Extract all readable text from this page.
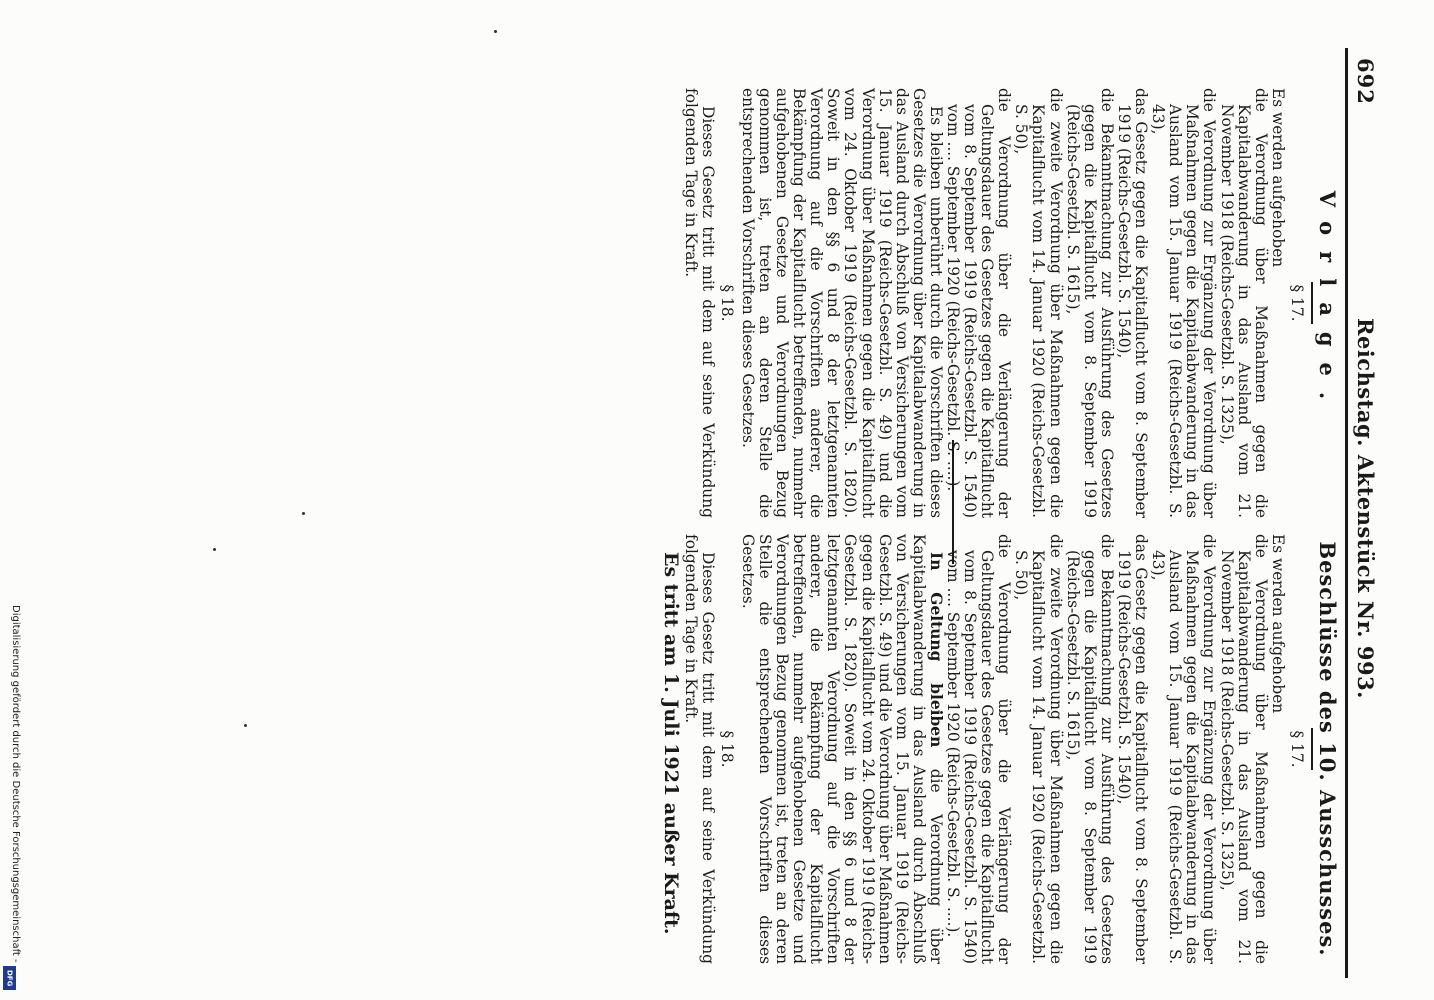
692
Reichstag. Aktenstück Nr. 993.
Vorlage.
§ 17.

Es werden aufgehoben

die Verordnung über Maßnahmen gegen die Kapitalabwanderung in das Ausland vom 21. November 1918 (Reichs-Gesetzbl. S. 1325),

die Verordnung zur Ergänzung der Verordnung über Maßnahmen gegen die Kapitalabwanderung in das Ausland vom 15. Januar 1919 (Reichs-Gesetzbl. S. 43),

das Gesetz gegen die Kapitalflucht vom 8. September 1919 (Reichs-Gesetzbl. S. 1540),

die Bekanntmachung zur Ausführung des Gesetzes gegen die Kapitalflucht vom 8. September 1919 (Reichs-Gesetzbl. S. 1615),

die zweite Verordnung über Maßnahmen gegen die Kapitalflucht vom 14. Januar 1920 (Reichs-Gesetzbl. S. 50),

die Verordnung über die Verlängerung der Geltungsdauer des Gesetzes gegen die Kapitalflucht vom 8. September 1919 (Reichs-Gesetzbl. S. 1540) vom .... September 1920 (Reichs-Gesetzbl. S. ....).

Es bleiben unberührt durch die Vorschriften dieses Gesetzes die Verordnung über Kapitalabwanderung in das Ausland durch Abschluß von Versicherungen vom 15. Januar 1919 (Reichs-Gesetzbl. S. 49) und die Verordnung über Maßnahmen gegen die Kapitalflucht vom 24. Oktober 1919 (Reichs-Gesetzbl. S. 1820). Soweit in den §§ 6 und 8 der letztgenannten Verordnung auf die Vorschriften anderer, die Bekämpfung der Kapitalflucht betreffenden, nunmehr aufgehobenen Gesetze und Verordnungen Bezug genommen ist, treten an deren Stelle die entsprechenden Vorschriften dieses Gesetzes.

§ 18.

Dieses Gesetz tritt mit dem auf seine Verkündung folgenden Tage in Kraft.

Beschlüsse des 10. Ausschusses.
§ 17.

Es werden aufgehoben

die Verordnung über Maßnahmen gegen die Kapitalabwanderung in das Ausland vom 21. November 1918 (Reichs-Gesetzbl. S. 1325),

die Verordnung zur Ergänzung der Verordnung über Maßnahmen gegen die Kapitalabwanderung in das Ausland vom 15. Januar 1919 (Reichs-Gesetzbl. S. 43),

das Gesetz gegen die Kapitalflucht vom 8. September 1919 (Reichs-Gesetzbl. S. 1540),

die Bekanntmachung zur Ausführung des Gesetzes gegen die Kapitalflucht vom 8. September 1919 (Reichs-Gesetzbl. S. 1615),

die zweite Verordnung über Maßnahmen gegen die Kapitalflucht vom 14. Januar 1920 (Reichs-Gesetzbl. S. 50),

die Verordnung über die Verlängerung der Geltungsdauer des Gesetzes gegen die Kapitalflucht vom 8. September 1919 (Reichs-Gesetzbl. S. 1540) vom .... September 1920 (Reichs-Gesetzbl. S. ....).

In Geltung bleiben die Verordnung über Kapitalabwanderung in das Ausland durch Abschluß von Versicherungen vom 15. Januar 1919 (Reichs-Gesetzbl. S. 49) und die Verordnung über Maßnahmen gegen die Kapitalflucht vom 24. Oktober 1919 (Reichs-Gesetzbl. S. 1820). Soweit in den §§ 6 und 8 der letztgenannten Verordnung auf die Vorschriften anderer, die Bekämpfung der Kapitalflucht betreffenden, nunmehr aufgehobenen Gesetze und Verordnungen Bezug genommen ist, treten an deren Stelle die entsprechenden Vorschriften dieses Gesetzes.

§ 18.

Dieses Gesetz tritt mit dem auf seine Verkündung folgenden Tage in Kraft.

Es tritt am 1. Juli 1921 außer Kraft.

Digitalisierung gefördert durch die Deutsche Forschungsgemeinschaft -
DFG
